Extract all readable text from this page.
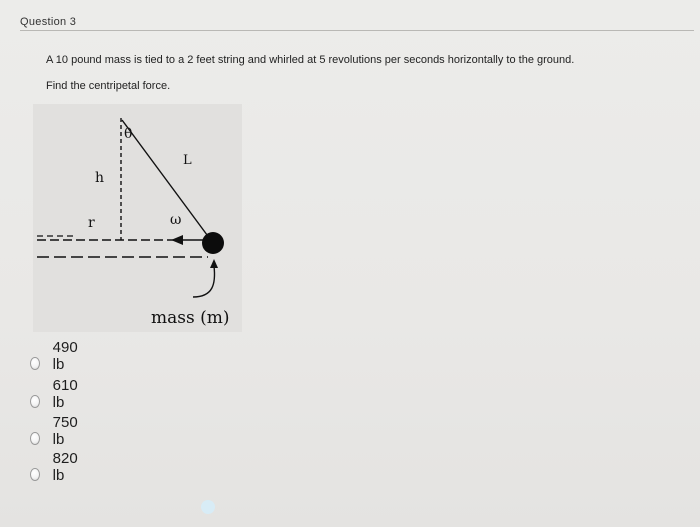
Question 3
A 10 pound mass is tied to a 2 feet string and whirled at 5 revolutions per seconds horizontally to the ground.
Find the centripetal force.
θ
L
h
r	ω
mass (m)
490 lb
610 lb
750 lb
820 lb
